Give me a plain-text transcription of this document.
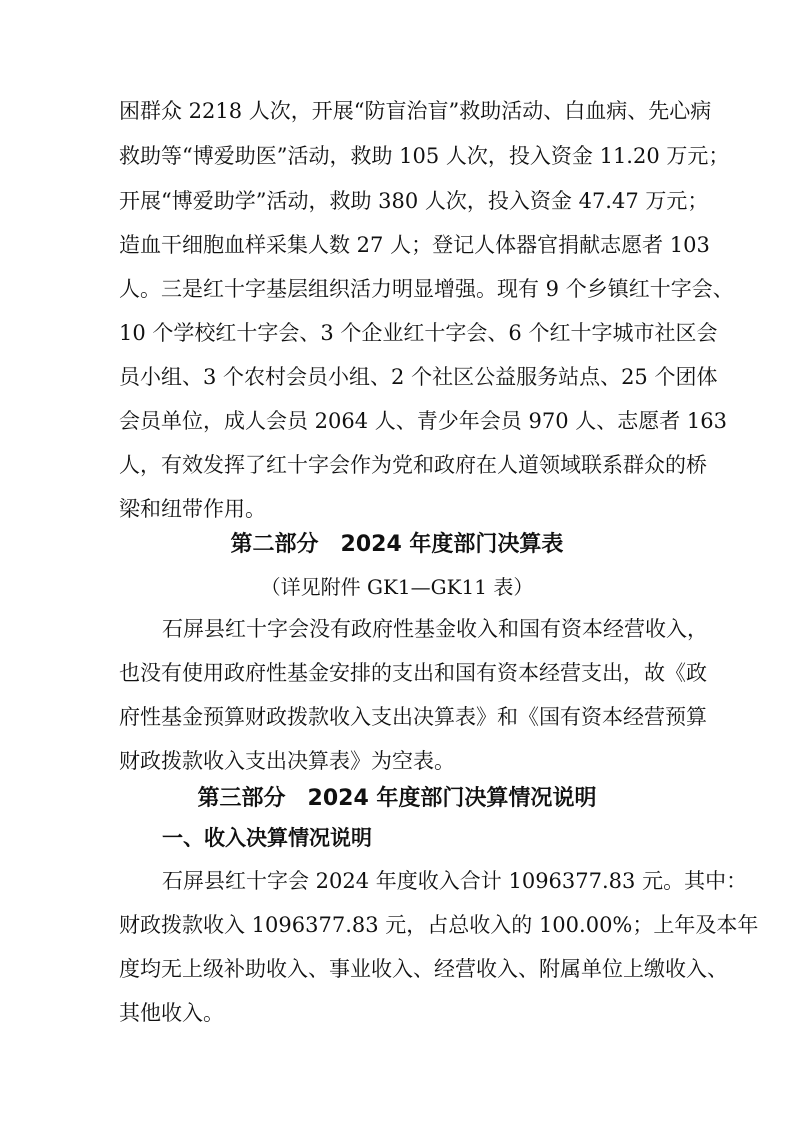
困群众 2218 人次，开展“防盲治盲”救助活动、白血病、先心病
救助等“博爱助医”活动，救助 105 人次，投入资金 11.20 万元；
开展“博爱助学”活动，救助 380 人次，投入资金 47.47 万元；
造血干细胞血样采集人数 27 人；登记人体器官捐献志愿者 103
人。三是红十字基层组织活力明显增强。现有 9 个乡镇红十字会、
10 个学校红十字会、3 个企业红十字会、6 个红十字城市社区会
员小组、3 个农村会员小组、2 个社区公益服务站点、25 个团体
会员单位，成人会员 2064 人、青少年会员 970 人、志愿者 163
人，有效发挥了红十字会作为党和政府在人道领域联系群众的桥
梁和纽带作用。
第二部分　2024 年度部门决算表
（详见附件 GK1—GK11 表）
石屏县红十字会没有政府性基金收入和国有资本经营收入，
也没有使用政府性基金安排的支出和国有资本经营支出，故《政
府性基金预算财政拨款收入支出决算表》和《国有资本经营预算
财政拨款收入支出决算表》为空表。
第三部分　2024 年度部门决算情况说明
一、收入决算情况说明
石屏县红十字会 2024 年度收入合计 1096377.83 元。其中：
财政拨款收入 1096377.83 元，占总收入的 100.00%；上年及本年
度均无上级补助收入、事业收入、经营收入、附属单位上缴收入、
其他收入。
